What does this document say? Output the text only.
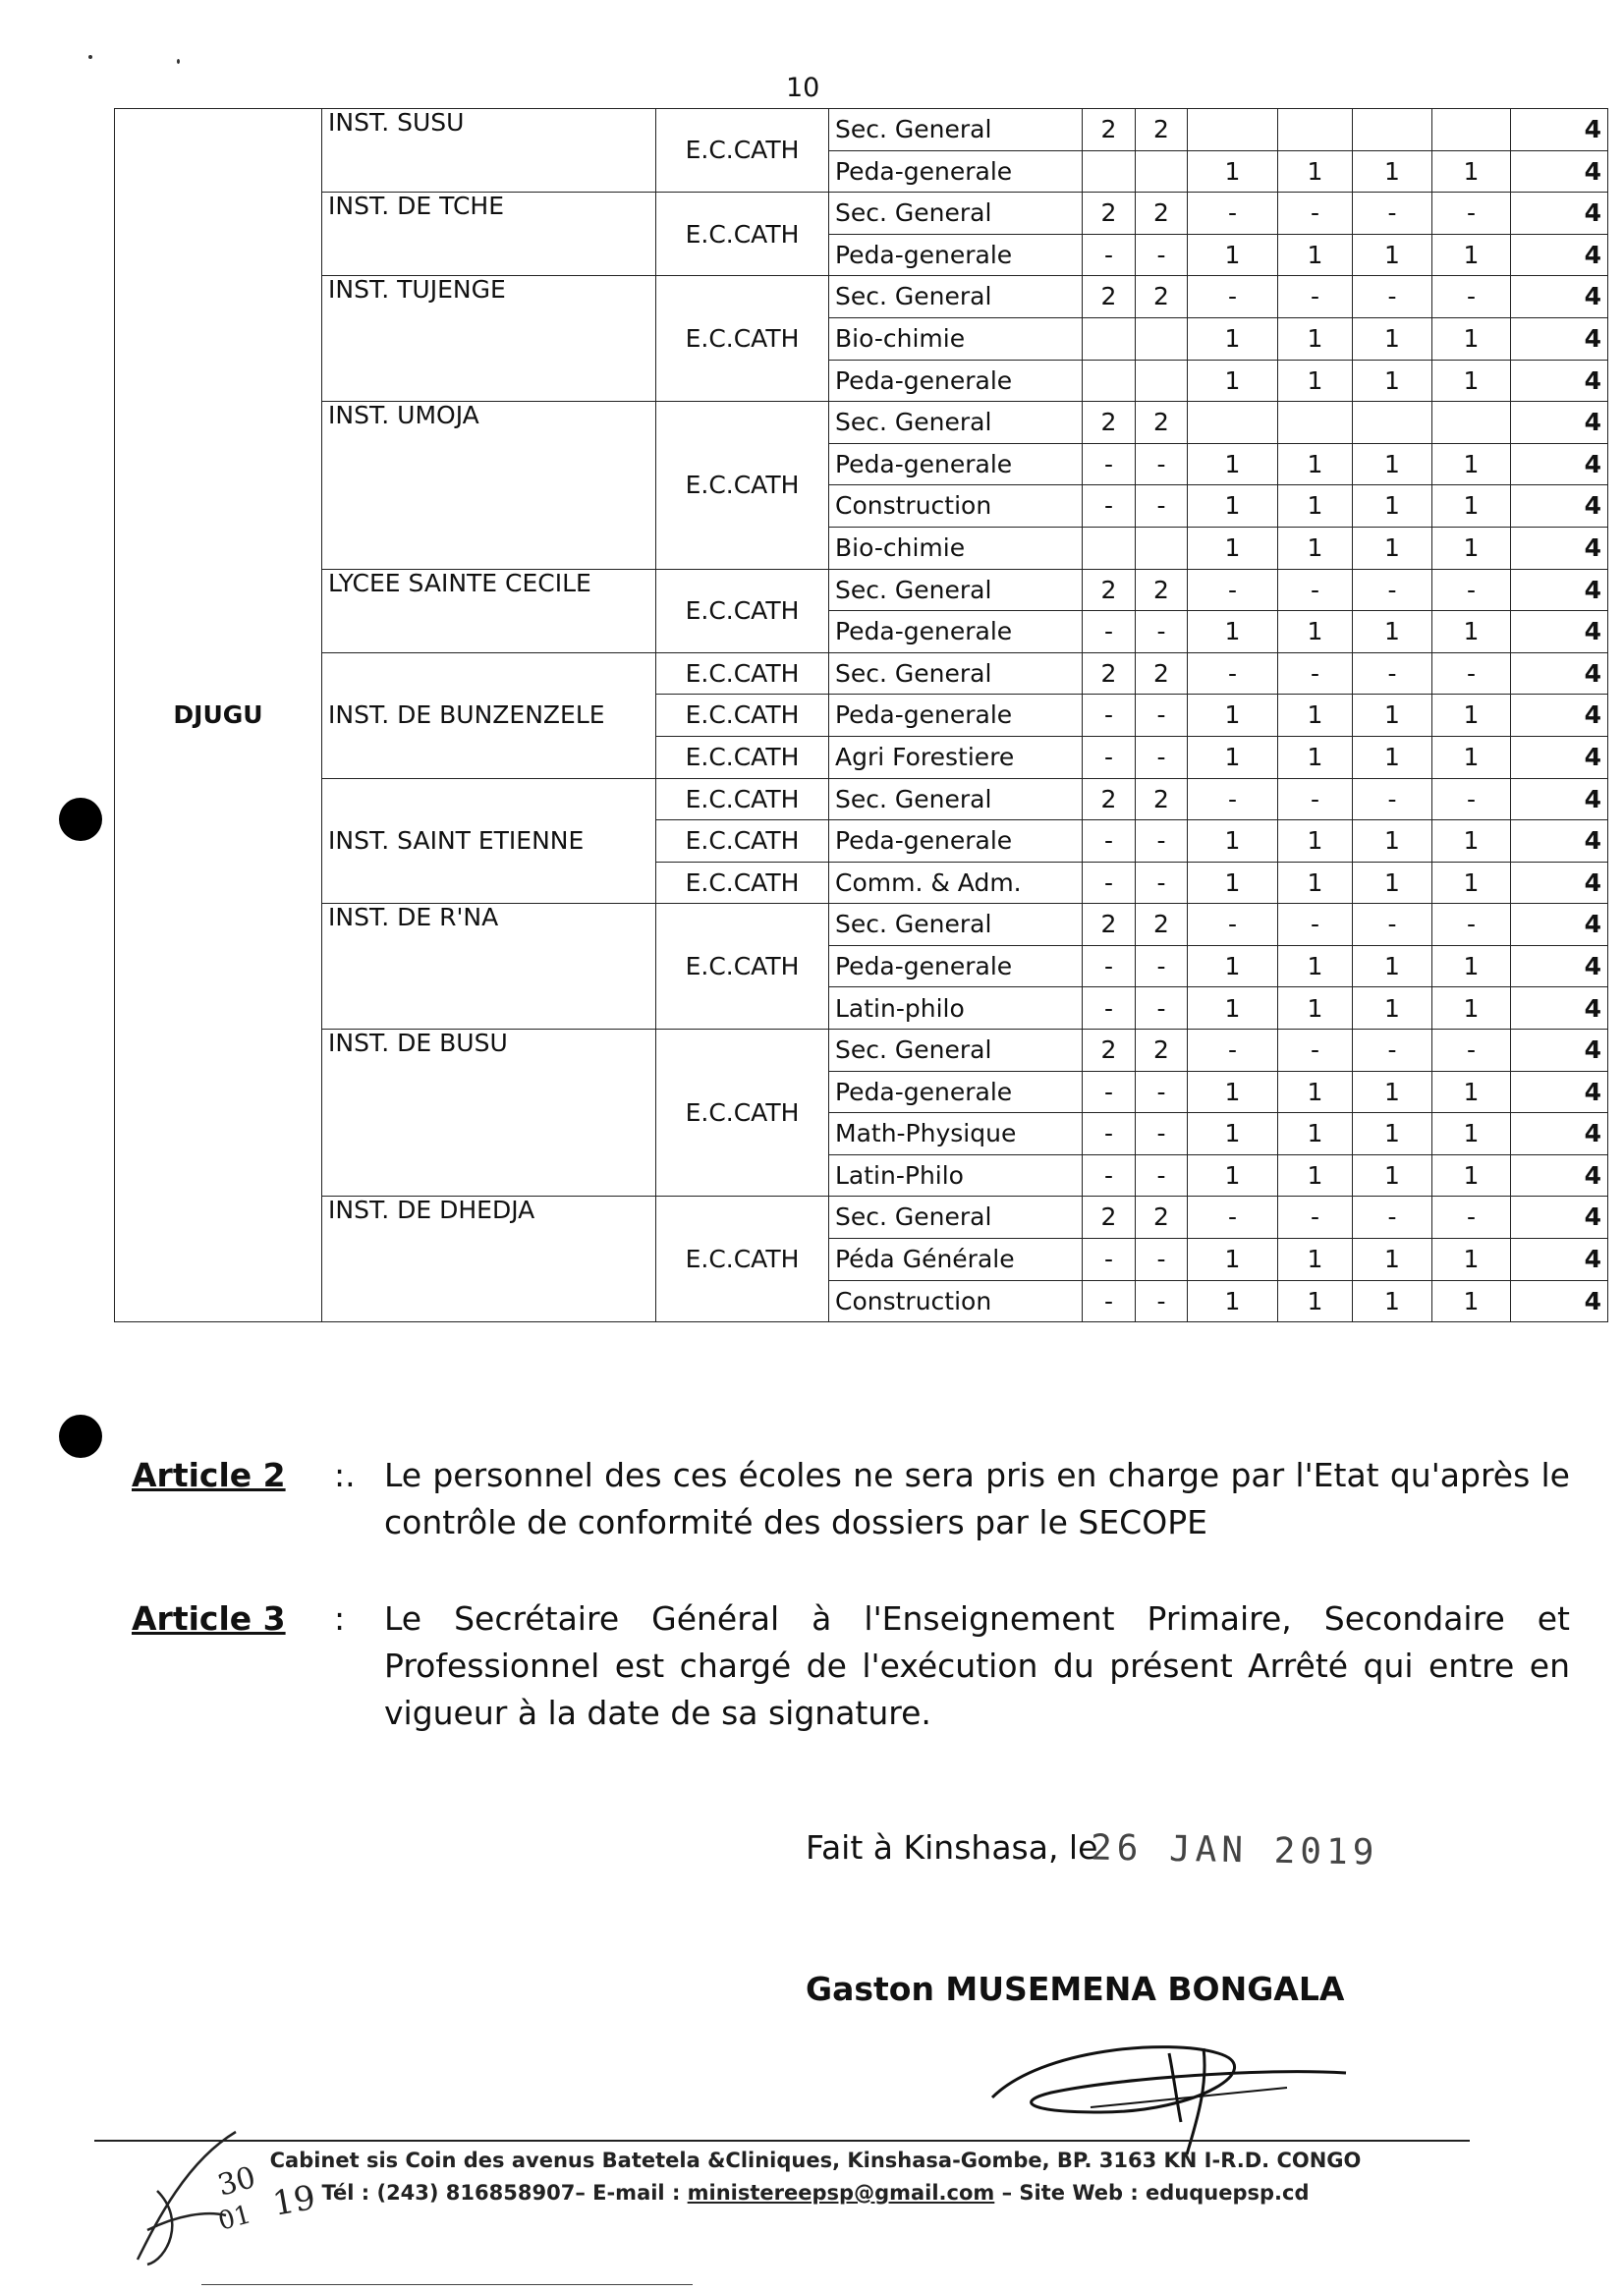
10
DJUGU	INST. SUSU	E.C.CATH	Sec. General	2	2					4
			Peda-generale			1	1	1	1	4
	INST. DE TCHE	E.C.CATH	Sec. General	2	2	-	-	-	-	4
			Peda-generale	-	-	1	1	1	1	4
	INST. TUJENGE	E.C.CATH	Sec. General	2	2	-	-	-	-	4
			Bio-chimie			1	1	1	1	4
			Peda-generale			1	1	1	1	4
	INST. UMOJA	E.C.CATH	Sec. General	2	2					4
			Peda-generale	-	-	1	1	1	1	4
			Construction	-	-	1	1	1	1	4
			Bio-chimie			1	1	1	1	4
	LYCEE SAINTE CECILE	E.C.CATH	Sec. General	2	2	-	-	-	-	4
			Peda-generale	-	-	1	1	1	1	4
	INST. DE BUNZENZELE	E.C.CATH	Sec. General	2	2	-	-	-	-	4
		E.C.CATH	Peda-generale	-	-	1	1	1	1	4
		E.C.CATH	Agri Forestiere	-	-	1	1	1	1	4
	INST. SAINT ETIENNE	E.C.CATH	Sec. General	2	2	-	-	-	-	4
		E.C.CATH	Peda-generale	-	-	1	1	1	1	4
		E.C.CATH	Comm. & Adm.	-	-	1	1	1	1	4
	INST. DE R'NA	E.C.CATH	Sec. General	2	2	-	-	-	-	4
			Peda-generale	-	-	1	1	1	1	4
			Latin-philo	-	-	1	1	1	1	4
	INST. DE BUSU	E.C.CATH	Sec. General	2	2	-	-	-	-	4
			Peda-generale	-	-	1	1	1	1	4
			Math-Physique	-	-	1	1	1	1	4
			Latin-Philo	-	-	1	1	1	1	4
	INST. DE DHEDJA	E.C.CATH	Sec. General	2	2	-	-	-	-	4
			Péda Générale	-	-	1	1	1	1	4
			Construction	-	-	1	1	1	1	4
Article 2 :. Le personnel des ces écoles ne sera pris en charge par l'Etat qu'après le contrôle de conformité des dossiers par le SECOPE
Article 3 : Le Secrétaire Général à l'Enseignement Primaire, Secondaire et Professionnel est chargé de l'exécution du présent Arrêté qui entre en vigueur à la date de sa signature.
Fait à Kinshasa, le
26 JAN 2019
Gaston MUSEMENA BONGALA
Cabinet sis Coin des avenus Batetela &Cliniques, Kinshasa-Gombe, BP. 3163 KN I-R.D. CONGO
Tél : (243) 816858907– E-mail : ministereepsp@gmail.com – Site Web : eduquepsp.cd
30
01 19
